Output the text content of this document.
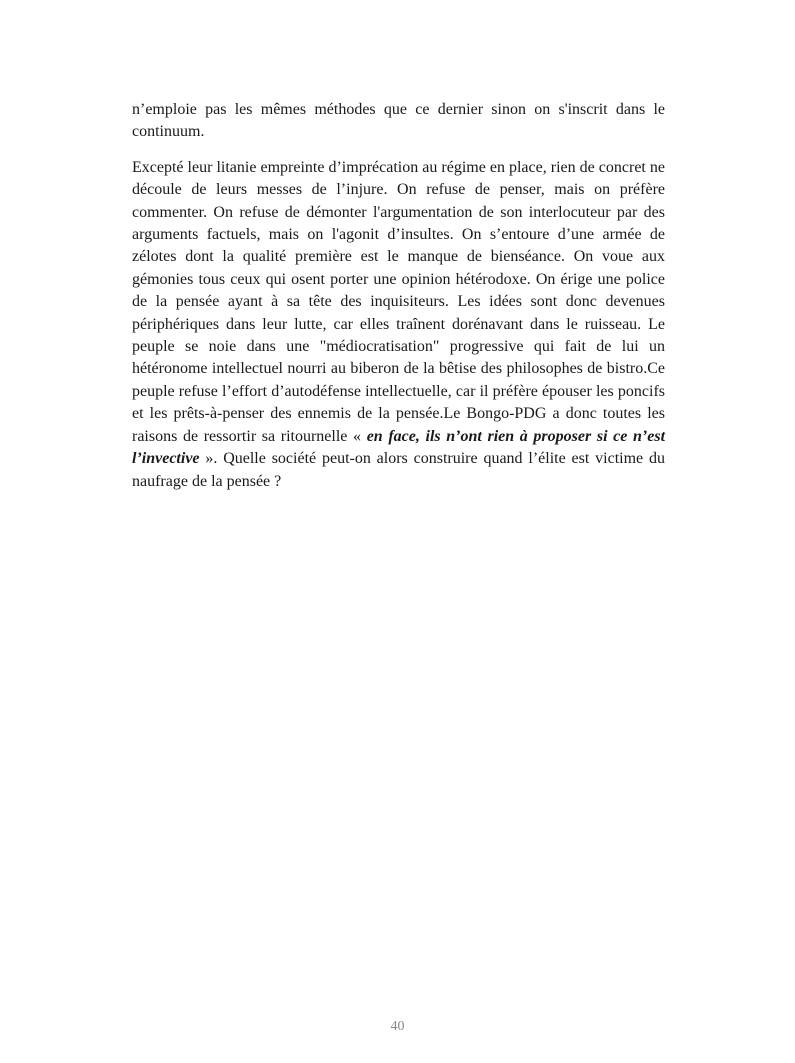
n’emploie pas les mêmes méthodes que ce dernier sinon on s'inscrit dans le continuum.

Excepté leur litanie empreinte d’imprécation au régime en place, rien de concret ne découle de leurs messes de l’injure. On refuse de penser, mais on préfère commenter. On refuse de démonter l'argumentation de son interlocuteur par des arguments factuels, mais on l'agonit d’insultes. On s’entoure d’une armée de zélotes dont la qualité première est le manque de bienséance. On voue aux gémonies tous ceux qui osent porter une opinion hétérodoxe. On érige une police de la pensée ayant à sa tête des inquisiteurs. Les idées sont donc devenues périphériques dans leur lutte, car elles traînent dorénavant dans le ruisseau. Le peuple se noie dans une "médiocratisation" progressive qui fait de lui un hétéronome intellectuel nourri au biberon de la bêtise des philosophes de bistro.Ce peuple refuse l’effort d’autodéfense intellectuelle, car il préfère épouser les poncifs et les prêts-à-penser des ennemis de la pensée.Le Bongo-PDG a donc toutes les raisons de ressortir sa ritournelle « en face, ils n’ont rien à proposer si ce n’est l’invective ». Quelle société peut-on alors construire quand l’élite est victime du naufrage de la pensée ?

40
